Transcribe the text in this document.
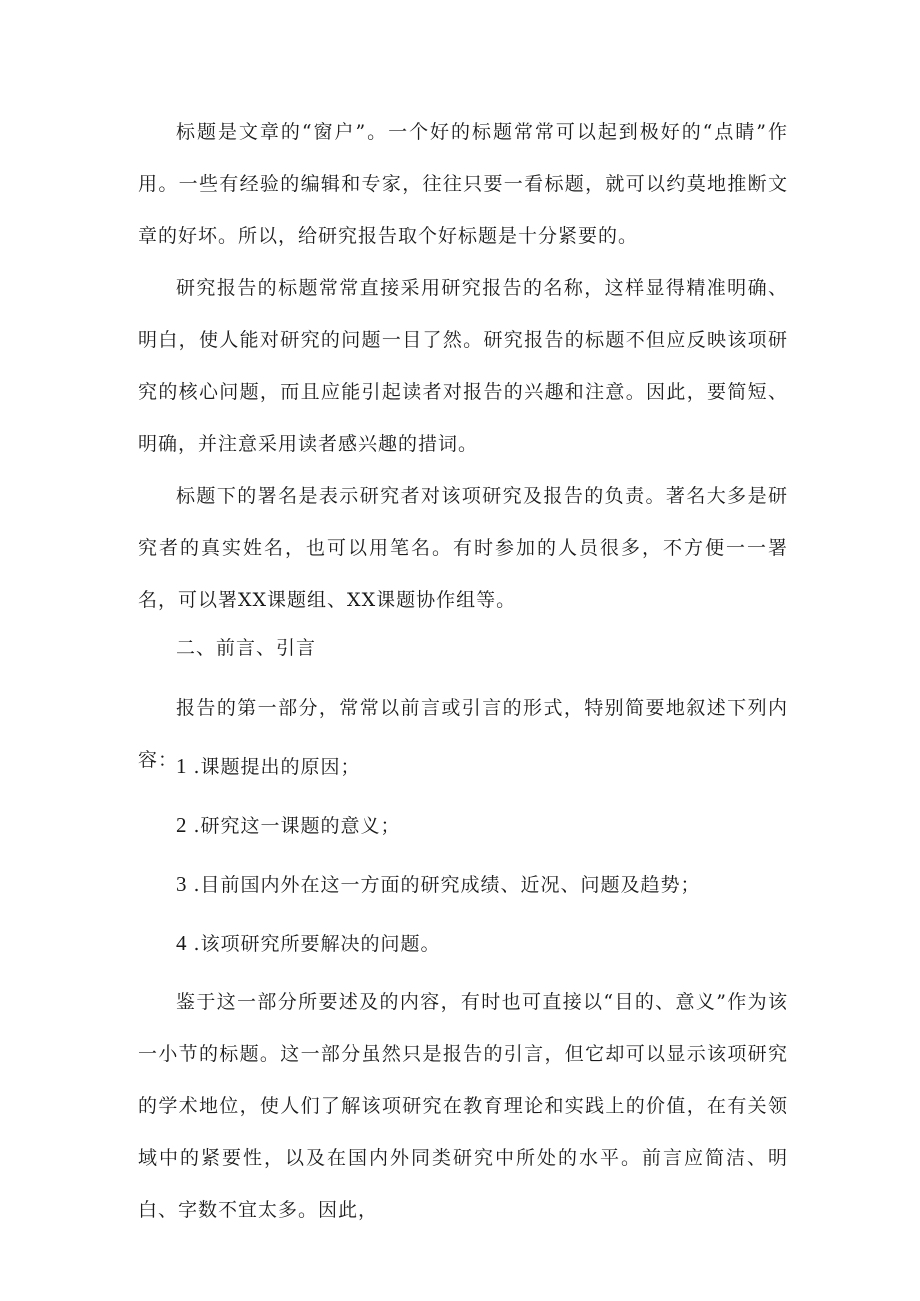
标题是文章的“窗户”。一个好的标题常常可以起到极好的“点睛”作用。一些有经验的编辑和专家，往往只要一看标题，就可以约莫地推断文章的好坏。所以，给研究报告取个好标题是十分紧要的。

研究报告的标题常常直接采用研究报告的名称，这样显得精准明确、明白，使人能对研究的问题一目了然。研究报告的标题不但应反映该项研究的核心问题，而且应能引起读者对报告的兴趣和注意。因此，要简短、明确，并注意采用读者感兴趣的措词。

标题下的署名是表示研究者对该项研究及报告的负责。著名大多是研究者的真实姓名，也可以用笔名。有时参加的人员很多，不方便一一署名，可以署XX课题组、XX课题协作组等。

二、前言、引言

报告的第一部分，常常以前言或引言的形式，特别简要地叙述下列内容：

1 .课题提出的原因；

2 .研究这一课题的意义；

3 .目前国内外在这一方面的研究成绩、近况、问题及趋势；

4 .该项研究所要解决的问题。

鉴于这一部分所要述及的内容，有时也可直接以“目的、意义”作为该一小节的标题。这一部分虽然只是报告的引言，但它却可以显示该项研究的学术地位，使人们了解该项研究在教育理论和实践上的价值，在有关领域中的紧要性，以及在国内外同类研究中所处的水平。前言应简洁、明白、字数不宜太多。因此，
